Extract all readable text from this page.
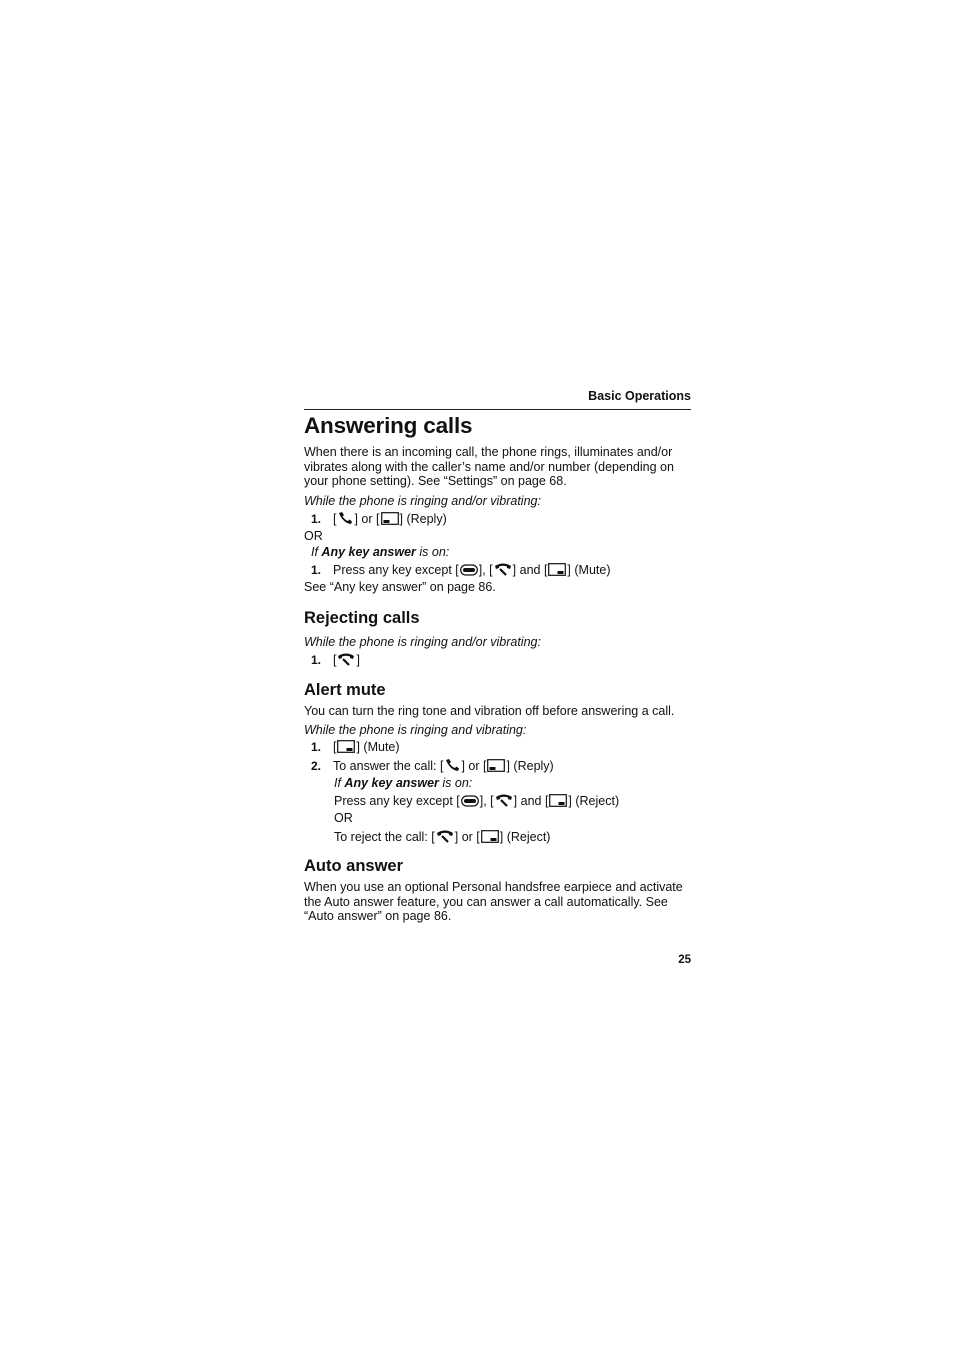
Basic Operations
Answering calls
When there is an incoming call, the phone rings, illuminates and/or vibrates along with the caller’s name and/or number (depending on your phone setting). See “Settings” on page 68.
While the phone is ringing and/or vibrating:
1. [ ] or [ ] (Reply)
OR
If Any key answer is on:
1. Press any key except [ ], [ ] and [ ] (Mute)
See “Any key answer” on page 86.
Rejecting calls
While the phone is ringing and/or vibrating:
1. [ ]
Alert mute
You can turn the ring tone and vibration off before answering a call.
While the phone is ringing and vibrating:
1. [ ] (Mute)
2. To answer the call: [ ] or [ ] (Reply)
If Any key answer is on:
Press any key except [ ], [ ] and [ ] (Reject)
OR
To reject the call: [ ] or [ ] (Reject)
Auto answer
When you use an optional Personal handsfree earpiece and activate the Auto answer feature, you can answer a call automatically. See “Auto answer” on page 86.
25
